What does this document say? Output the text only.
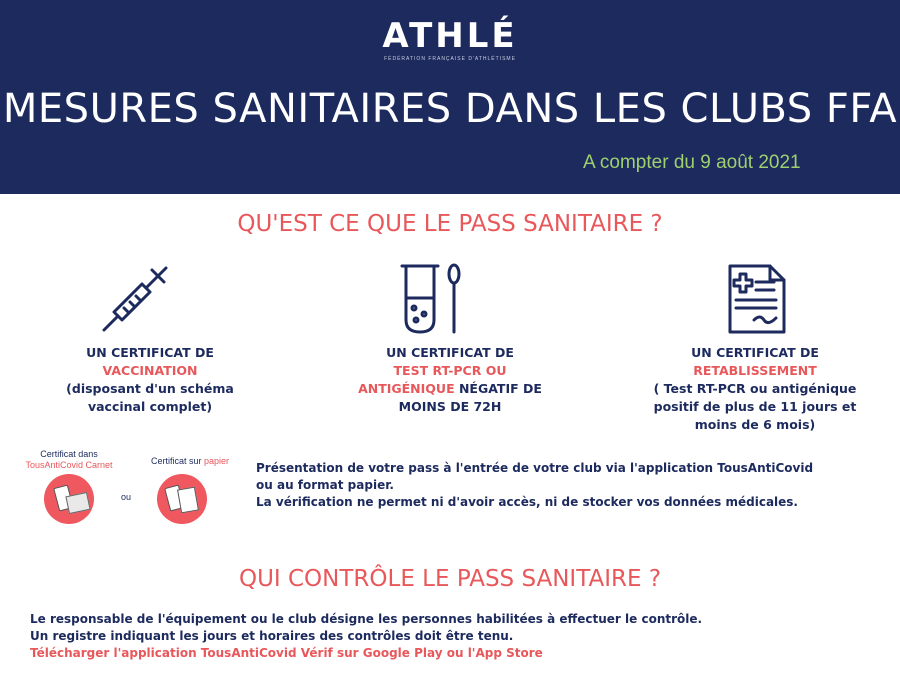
ATHLÉ
FÉDÉRATION FRANÇAISE D'ATHLÉTISME
MESURES SANITAIRES DANS LES CLUBS FFA
A compter du 9 août 2021
QU'EST CE QUE LE PASS SANITAIRE ?
UN CERTIFICAT DE
VACCINATION
(disposant d'un schéma
vaccinal complet)
UN CERTIFICAT DE
TEST RT-PCR OU
ANTIGÉNIQUE NÉGATIF DE
MOINS DE 72H
UN CERTIFICAT DE
RETABLISSEMENT
( Test RT-PCR ou antigénique
positif de plus de 11 jours et
moins de 6 mois)
Certificat dans
TousAntiCovid Carnet
ou
Certificat sur papier	Présentation de votre pass à l'entrée de votre club via l'application TousAntiCovid
ou au format papier.
La vérification ne permet ni d'avoir accès, ni de stocker vos données médicales.
QUI CONTRÔLE LE PASS SANITAIRE ?
Le responsable de l'équipement ou le club désigne les personnes habilitées à effectuer le contrôle.
Un registre indiquant les jours et horaires des contrôles doit être tenu.
Télécharger l'application TousAntiCovid Vérif sur Google Play ou l'App Store
